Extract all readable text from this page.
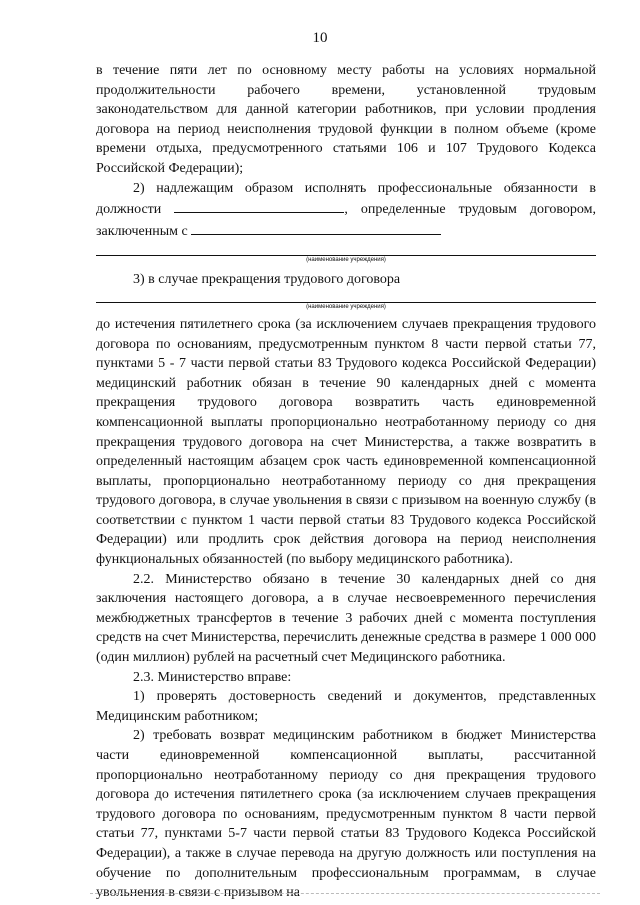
10

в течение пяти лет по основному месту работы на условиях нормальной продолжительности рабочего времени, установленной трудовым законодательством для данной категории работников, при условии продления договора на период неисполнения трудовой функции в полном объеме (кроме времени отдыха, предусмотренного статьями 106 и 107 Трудового Кодекса Российской Федерации);

2) надлежащим образом исполнять профессиональные обязанности в должности	, определенные трудовым договором, заключенным с

(наименование учреждения)

3) в случае прекращения трудового договора

(наименование учреждения)

до истечения пятилетнего срока (за исключением случаев прекращения трудового договора по основаниям, предусмотренным пунктом 8 части первой статьи 77, пунктами 5 - 7 части первой статьи 83 Трудового кодекса Российской Федерации) медицинский работник обязан в течение 90 календарных дней с момента прекращения трудового договора возвратить часть единовременной компенсационной выплаты пропорционально неотработанному периоду со дня прекращения трудового договора на счет Министерства, а также возвратить в определенный настоящим абзацем срок часть единовременной компенсационной выплаты, пропорционально неотработанному периоду со дня прекращения трудового договора, в случае увольнения в связи с призывом на военную службу (в соответствии с пунктом 1 части первой статьи 83 Трудового кодекса Российской Федерации) или продлить срок действия договора на период неисполнения функциональных обязанностей (по выбору медицинского работника).

2.2. Министерство обязано в течение 30 календарных дней со дня заключения настоящего договора, а в случае несвоевременного перечисления межбюджетных трансфертов в течение 3 рабочих дней с момента поступления средств на счет Министерства, перечислить денежные средства в размере 1 000 000 (один миллион) рублей на расчетный счет Медицинского работника.

2.3. Министерство вправе:

1) проверять достоверность сведений и документов, представленных Медицинским работником;

2) требовать возврат медицинским работником в бюджет Министерства части единовременной компенсационной выплаты, рассчитанной пропорционально неотработанному периоду со дня прекращения трудового договора до истечения пятилетнего срока (за исключением случаев прекращения трудового договора по основаниям, предусмотренным пунктом 8 части первой статьи 77, пунктами 5-7 части первой статьи 83 Трудового Кодекса Российской Федерации), а также в случае перевода на другую должность или поступления на обучение по дополнительным профессиональным программам, в случае увольнения в связи с призывом на
